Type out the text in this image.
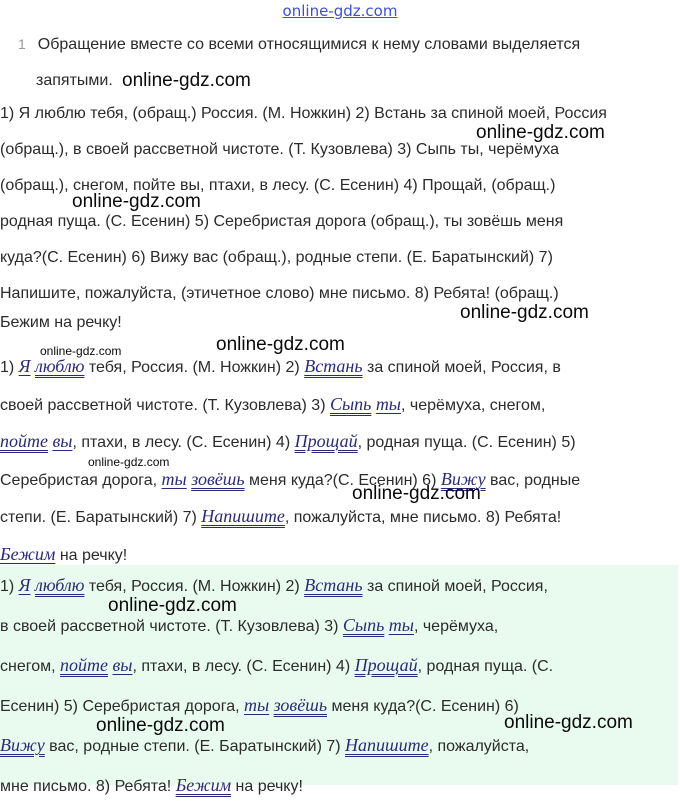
online-gdz.com
1 Обращение вместе со всеми относящимися к нему словами выделяется
запятыми.

1) Я люблю тебя, (обращ.) Россия. (М. Ножкин) 2) Встань за спиной моей, Россия

(обращ.), в своей рассветной чистоте. (Т. Кузовлева) 3) Сыпь ты, черёмуха

(обращ.), снегом, пойте вы, птахи, в лесу. (С. Есенин) 4) Прощай, (обращ.)

родная пуща. (С. Есенин) 5) Серебристая дорога (обращ.), ты зовёшь меня

куда?(С. Есенин) 6) Вижу вас (обращ.), родные степи. (Е. Баратынский) 7)

Напишите, пожалуйста, (этичетное слово) мне письмо. 8) Ребята! (обращ.)

Бежим на речку!

1) Я люблю тебя, Россия. (М. Ножкин) 2) Встань за спиной моей, Россия, в

своей рассветной чистоте. (Т. Кузовлева) 3) Сыпь ты, черёмуха, снегом,

пойте вы, птахи, в лесу. (С. Есенин) 4) Прощай, родная пуща. (С. Есенин) 5)

Серебристая дорога, ты зовёшь меня куда?(С. Есенин) 6) Вижу вас, родные

степи. (Е. Баратынский) 7) Напишите, пожалуйста, мне письмо. 8) Ребята!

Бежим на речку!

1) Я люблю тебя, Россия. (М. Ножкин) 2) Встань за спиной моей, Россия,

в своей рассветной чистоте. (Т. Кузовлева) 3) Сыпь ты, черёмуха,

снегом, пойте вы, птахи, в лесу. (С. Есенин) 4) Прощай, родная пуща. (С.

Есенин) 5) Серебристая дорога, ты зовёшь меня куда?(С. Есенин) 6)

Вижу вас, родные степи. (Е. Баратынский) 7) Напишите, пожалуйста,

мне письмо. 8) Ребята! Бежим на речку!

online-gdz.com
online-gdz.com
online-gdz.com
online-gdz.com
online-gdz.com
online-gdz.com
online-gdz.com
online-gdz.com
online-gdz.com
online-gdz.com
online-gdz.com
